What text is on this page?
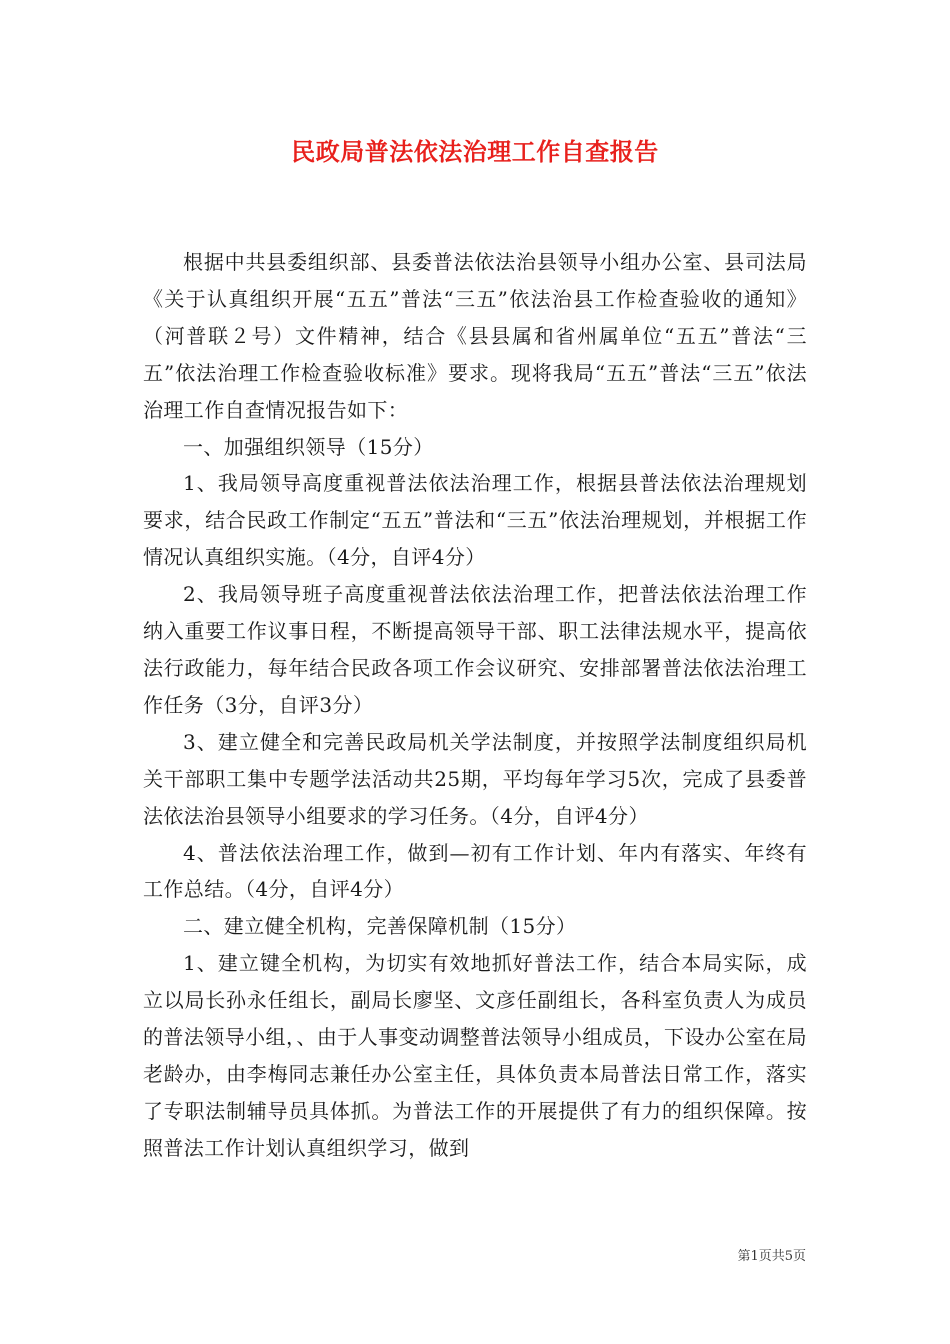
民政局普法依法治理工作自查报告

根据中共县委组织部、县委普法依法治县领导小组办公室、县司法局《关于认真组织开展“五五”普法“三五”依法治县工作检查验收的通知》（河普联２号）文件精神，结合《县县属和省州属单位“五五”普法“三五”依法治理工作检查验收标准》要求。现将我局“五五”普法“三五”依法治理工作自查情况报告如下：

一、加强组织领导（15分）

1、我局领导高度重视普法依法治理工作，根据县普法依法治理规划要求，结合民政工作制定“五五”普法和“三五”依法治理规划，并根据工作情况认真组织实施。（4分，自评4分）

2、我局领导班子高度重视普法依法治理工作，把普法依法治理工作纳入重要工作议事日程，不断提高领导干部、职工法律法规水平，提高依法行政能力，每年结合民政各项工作会议研究、安排部署普法依法治理工作任务（3分，自评3分）

3、建立健全和完善民政局机关学法制度，并按照学法制度组织局机关干部职工集中专题学法活动共25期，平均每年学习5次，完成了县委普法依法治县领导小组要求的学习任务。（4分，自评4分）

4、普法依法治理工作，做到—初有工作计划、年内有落实、年终有工作总结。（4分，自评4分）

二、建立健全机构，完善保障机制（15分）

1、建立键全机构，为切实有效地抓好普法工作，结合本局实际，成立以局长孙永任组长，副局长廖坚、文彦任副组长，各科室负责人为成员的普法领导小组，、由于人事变动调整普法领导小组成员，下设办公室在局老龄办，由李梅同志兼任办公室主任，具体负责本局普法日常工作，落实了专职法制辅导员具体抓。为普法工作的开展提供了有力的组织保障。按照普法工作计划认真组织学习，做到

第1页共5页
